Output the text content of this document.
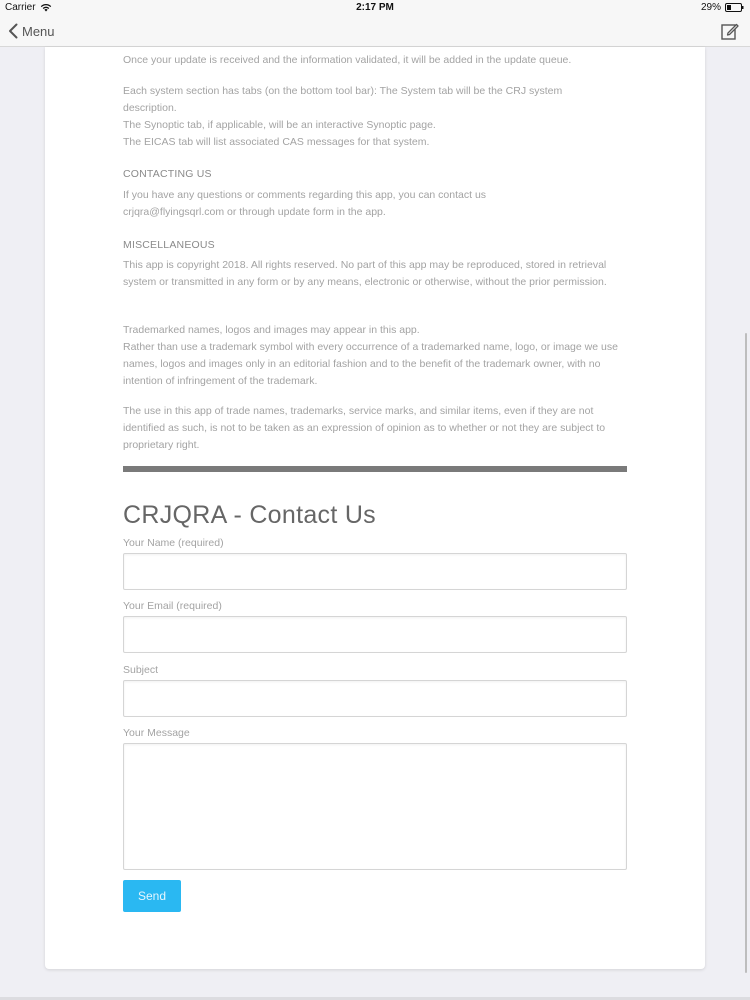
Carrier	2:17 PM	29%
Menu

Once your update is received and the information validated, it will be added in the update queue.

Each system section has tabs (on the bottom tool bar): The System tab will be the CRJ system description.
The Synoptic tab, if applicable, will be an interactive Synoptic page.
The EICAS tab will list associated CAS messages for that system.
CONTACTING US

If you have any questions or comments regarding this app, you can contact us crjqra@flyingsqrl.com or through update form in the app.

MISCELLANEOUS

This app is copyright 2018. All rights reserved. No part of this app may be reproduced, stored in retrieval system or transmitted in any form or by any means, electronic or otherwise, without the prior permission.

Trademarked names, logos and images may appear in this app.
Rather than use a trademark symbol with every occurrence of a trademarked name, logo, or image we use names, logos and images only in an editorial fashion and to the benefit of the trademark owner, with no intention of infringement of the trademark.

The use in this app of trade names, trademarks, service marks, and similar items, even if they are not identified as such, is not to be taken as an expression of opinion as to whether or not they are subject to proprietary right.

CRJQRA - Contact Us
Your Name (required)
Your Email (required)
Subject
Your Message
Send
